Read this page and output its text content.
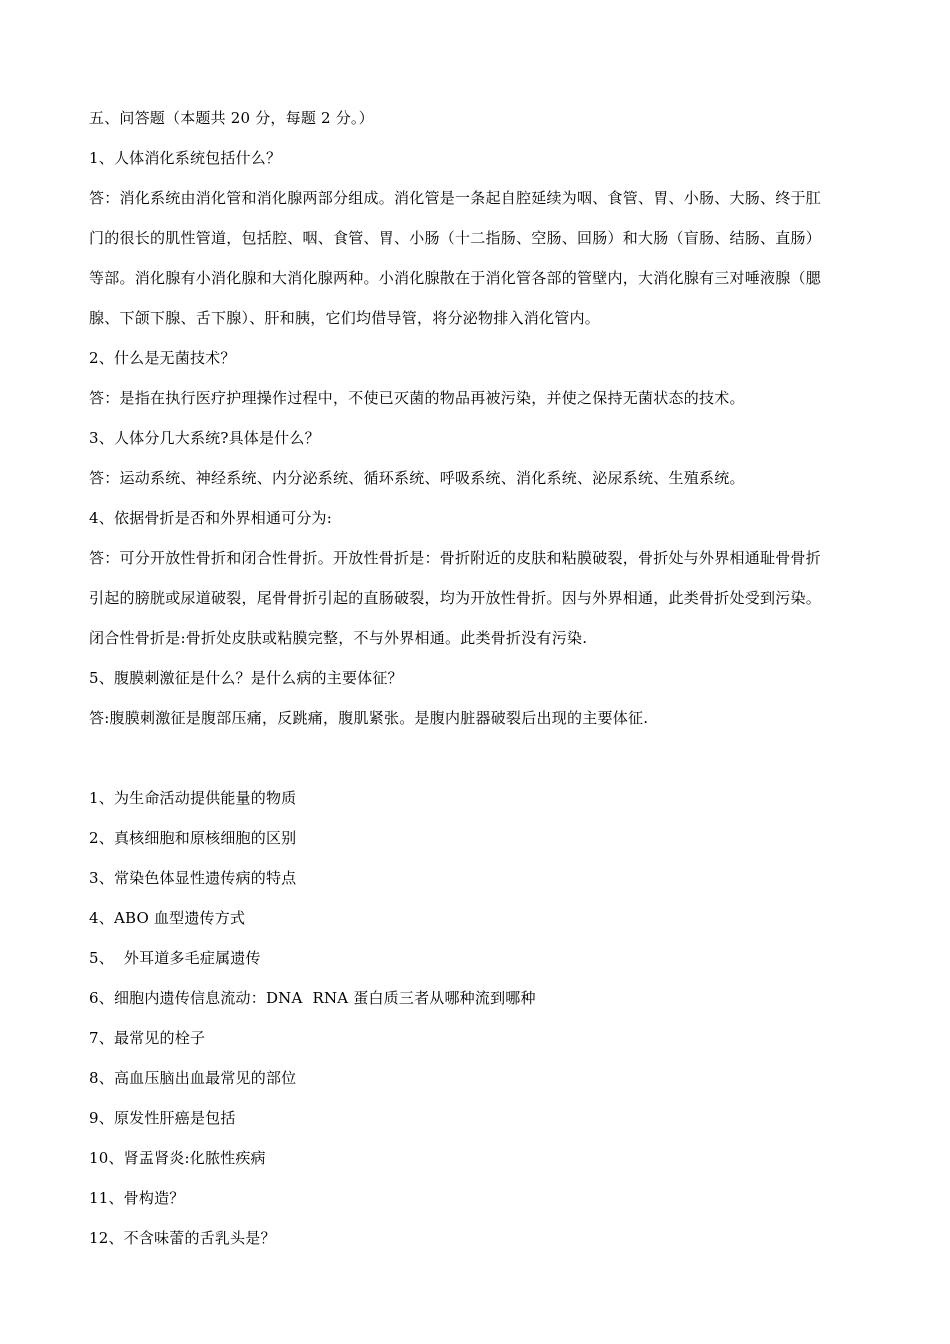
五、问答题（本题共 20 分，每题 2 分。）
1、人体消化系统包括什么？
答：消化系统由消化管和消化腺两部分组成。消化管是一条起自腔延续为咽、食管、胃、小肠、大肠、终于肛
门的很长的肌性管道，包括腔、咽、食管、胃、小肠（十二指肠、空肠、回肠）和大肠（盲肠、结肠、直肠）
等部。消化腺有小消化腺和大消化腺两种。小消化腺散在于消化管各部的管壁内，大消化腺有三对唾液腺（腮
腺、下颌下腺、舌下腺）、肝和胰，它们均借导管，将分泌物排入消化管内。
2、什么是无菌技术？
答：是指在执行医疗护理操作过程中，不使已灭菌的物品再被污染，并使之保持无菌状态的技术。
3、人体分几大系统?具体是什么？
答：运动系统、神经系统、内分泌系统、循环系统、呼吸系统、消化系统、泌尿系统、生殖系统。
4、依据骨折是否和外界相通可分为:
答：可分开放性骨折和闭合性骨折。开放性骨折是：骨折附近的皮肤和粘膜破裂，骨折处与外界相通耻骨骨折
引起的膀胱或尿道破裂，尾骨骨折引起的直肠破裂，均为开放性骨折。因与外界相通，此类骨折处受到污染。
闭合性骨折是:骨折处皮肤或粘膜完整，不与外界相通。此类骨折没有污染.
5、腹膜刺激征是什么？是什么病的主要体征？
答:腹膜刺激征是腹部压痛，反跳痛，腹肌紧张。是腹内脏器破裂后出现的主要体征.
1、为生命活动提供能量的物质
2、真核细胞和原核细胞的区别
3、常染色体显性遗传病的特点
4、ABO 血型遗传方式
5、  外耳道多毛症属遗传
6、细胞内遗传信息流动：DNA  RNA 蛋白质三者从哪种流到哪种
7、最常见的栓子
8、高血压脑出血最常见的部位
9、原发性肝癌是包括
10、肾盂肾炎:化脓性疾病
11、骨构造？
12、不含味蕾的舌乳头是？
